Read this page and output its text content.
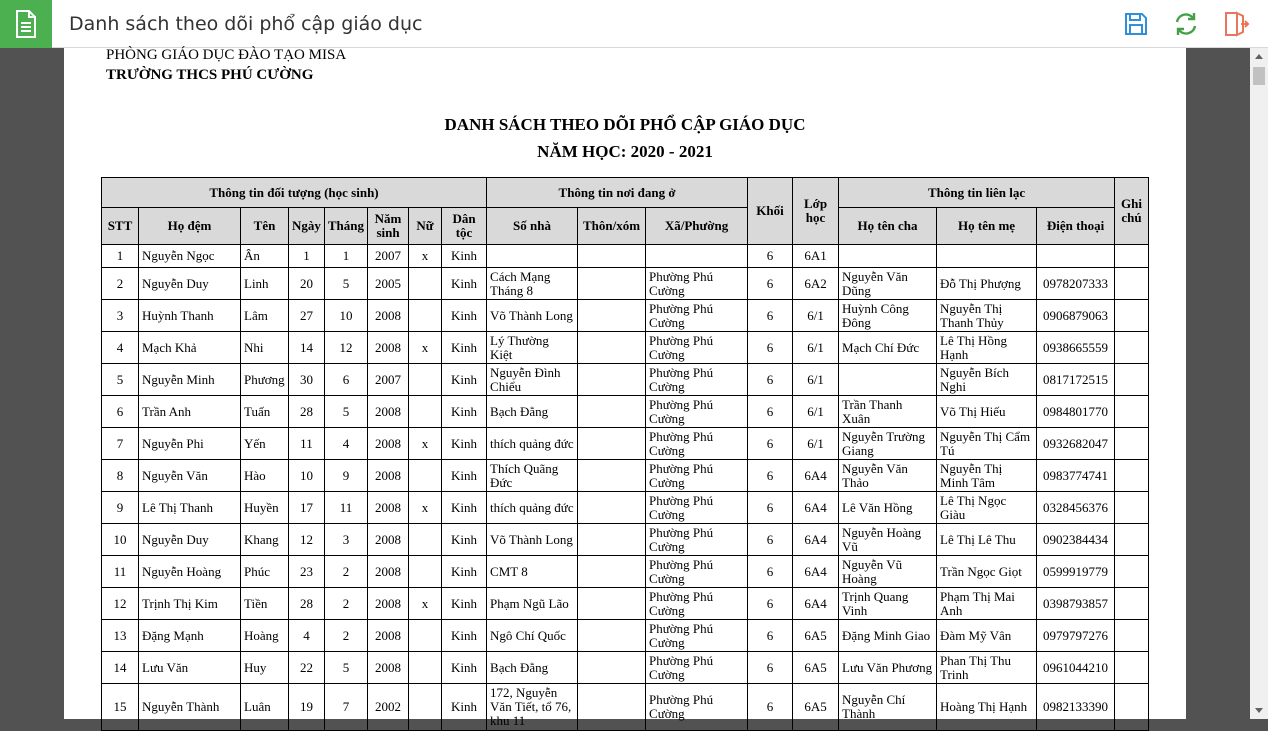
Danh sách theo dõi phổ cập giáo dục
PHÒNG GIÁO DỤC ĐÀO TẠO MISA
TRƯỜNG THCS PHÚ CƯỜNG
DANH SÁCH THEO DÕI PHỔ CẬP GIÁO DỤC
NĂM HỌC: 2020 - 2021
Thông tin đối tượng (học sinh)								Thông tin nơi đang ở			Khối	Lớp học	Thông tin liên lạc			Ghi chú
STT	Họ đệm	Tên	Ngày	Tháng	Năm sinh	Nữ	Dân tộc	Số nhà	Thôn/xóm	Xã/Phường			Họ tên cha	Họ tên mẹ	Điện thoại	
1	Nguyễn Ngọc	Ân	1	1	2007	x	Kinh				6	6A1				
2	Nguyễn Duy	Linh	20	5	2005		Kinh	Cách Mạng Tháng 8		Phường Phú Cường	6	6A2	Nguyễn Văn Dũng	Đỗ Thị Phượng	0978207333	
3	Huỳnh Thanh	Lâm	27	10	2008		Kinh	Võ Thành Long		Phường Phú Cường	6	6/1	Huỳnh Công Đông	Nguyễn Thị Thanh Thủy	0906879063	
4	Mạch Khả	Nhi	14	12	2008	x	Kinh	Lý Thường Kiệt		Phường Phú Cường	6	6/1	Mạch Chí Đức	Lê Thị Hồng Hạnh	0938665559	
5	Nguyễn Minh	Phương	30	6	2007		Kinh	Nguyễn Đình Chiểu		Phường Phú Cường	6	6/1		Nguyễn Bích Nghi	0817172515	
6	Trần Anh	Tuấn	28	5	2008		Kinh	Bạch Đằng		Phường Phú Cường	6	6/1	Trần Thanh Xuân	Võ Thị Hiếu	0984801770	
7	Nguyễn Phi	Yến	11	4	2008	x	Kinh	thích quảng đức		Phường Phú Cường	6	6/1	Nguyễn Trường Giang	Nguyễn Thị Cẩm Tú	0932682047	
8	Nguyễn Văn	Hào	10	9	2008		Kinh	Thích Quãng Đức		Phường Phú Cường	6	6A4	Nguyễn Văn Thảo	Nguyễn Thị Minh Tâm	0983774741	
9	Lê Thị Thanh	Huyền	17	11	2008	x	Kinh	thích quảng đức		Phường Phú Cường	6	6A4	Lê Văn Hồng	Lê Thị Ngọc Giàu	0328456376	
10	Nguyễn Duy	Khang	12	3	2008		Kinh	Võ Thành Long		Phường Phú Cường	6	6A4	Nguyễn Hoàng Vũ	Lê Thị Lê Thu	0902384434	
11	Nguyễn Hoàng	Phúc	23	2	2008		Kinh	CMT 8		Phường Phú Cường	6	6A4	Nguyễn Vũ Hoàng	Trần Ngọc Giọt	0599919779	
12	Trịnh Thị Kim	Tiền	28	2	2008	x	Kinh	Phạm Ngũ Lão		Phường Phú Cường	6	6A4	Trịnh Quang Vinh	Phạm Thị Mai Anh	0398793857	
13	Đặng Mạnh	Hoàng	4	2	2008		Kinh	Ngô Chí Quốc		Phường Phú Cường	6	6A5	Đặng Minh Giao	Đàm Mỹ Vân	0979797276	
14	Lưu Văn	Huy	22	5	2008		Kinh	Bạch Đằng		Phường Phú Cường	6	6A5	Lưu Văn Phương	Phan Thị Thu Trinh	0961044210	
15	Nguyễn Thành	Luân	19	7	2002		Kinh	172, Nguyễn Văn Tiết, tổ 76, khu 11		Phường Phú Cường	6	6A5	Nguyễn Chí Thành	Hoàng Thị Hạnh	0982133390	
